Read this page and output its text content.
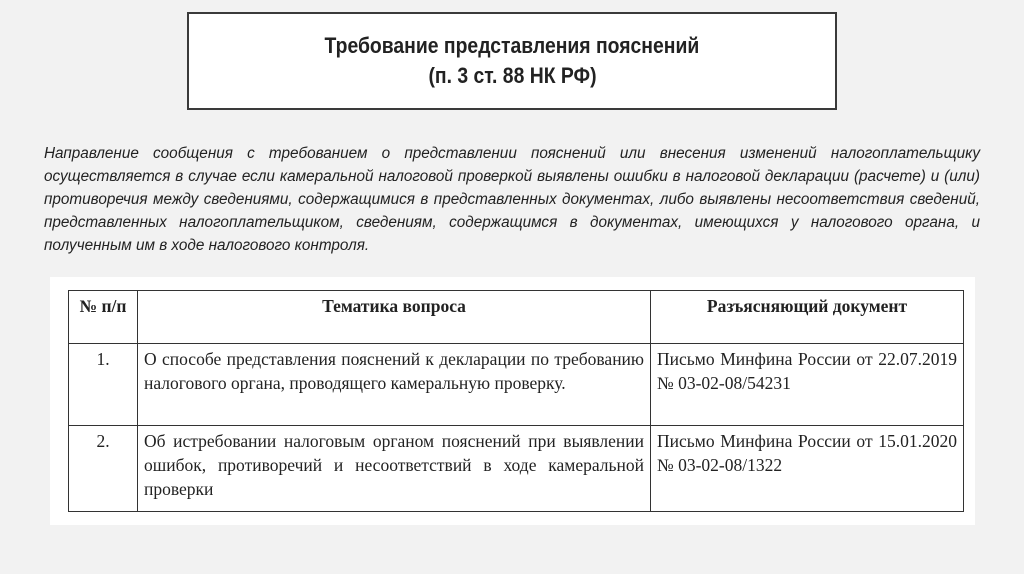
Требование представления пояснений
(п. 3 ст. 88 НК РФ)
Направление сообщения с требованием о представлении пояснений или внесения изменений налогоплательщику осуществляется в случае если камеральной налоговой проверкой выявлены ошибки в налоговой декларации (расчете) и (или) противоречия между сведениями, содержащимися в представленных документах, либо выявлены несоответствия сведений, представленных налогоплательщиком, сведениям, содержащимся в документах, имеющихся у налогового органа, и полученным им в ходе налогового контроля.
№ п/п	Тематика вопроса	Разъясняющий документ
1.	О способе представления пояснений к декларации по требованию налогового органа, проводящего камеральную проверку.	Письмо Минфина России от 22.07.2019 № 03-02-08/54231
2.	Об истребовании налоговым органом пояснений при выявлении ошибок, противоречий и несоответствий в ходе камеральной проверки	Письмо Минфина России от 15.01.2020 № 03-02-08/1322
